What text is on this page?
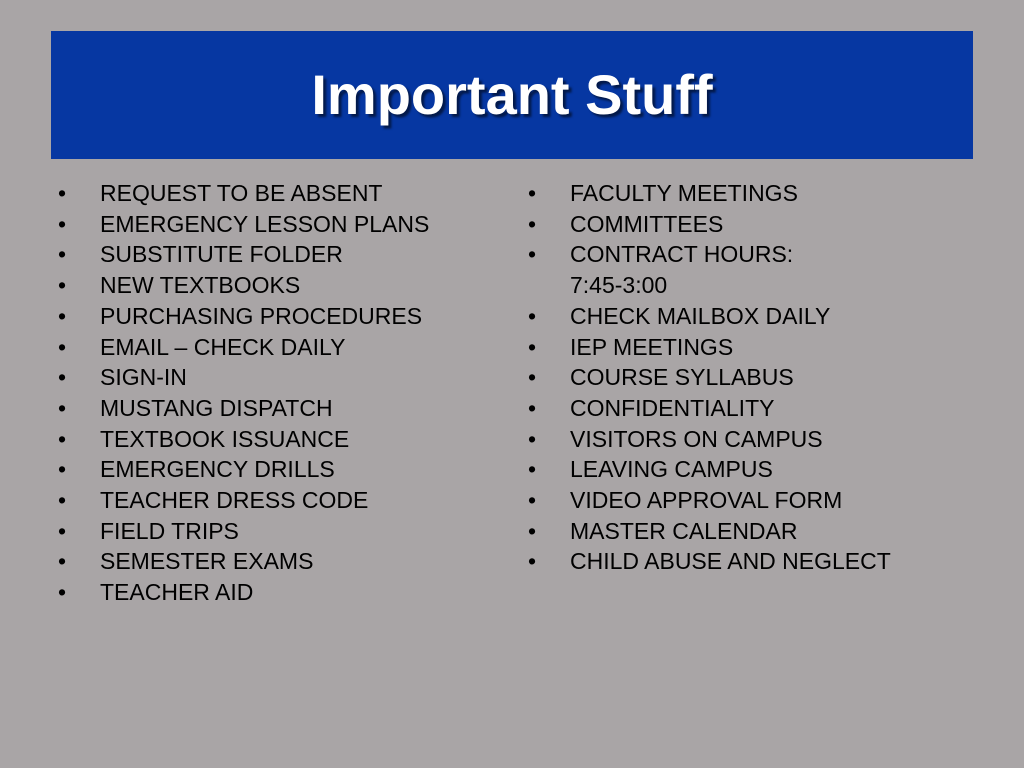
Important Stuff
• REQUEST TO BE ABSENT
• EMERGENCY LESSON PLANS
• SUBSTITUTE FOLDER
• NEW TEXTBOOKS
• PURCHASING PROCEDURES
• EMAIL – CHECK DAILY
• SIGN-IN
• MUSTANG DISPATCH
• TEXTBOOK ISSUANCE
• EMERGENCY DRILLS
• TEACHER DRESS CODE
• FIELD TRIPS
• SEMESTER EXAMS
• TEACHER AID
• FACULTY MEETINGS
• COMMITTEES
• CONTRACT HOURS:
7:45-3:00
• CHECK MAILBOX DAILY
• IEP MEETINGS
• COURSE SYLLABUS
• CONFIDENTIALITY
• VISITORS ON CAMPUS
• LEAVING CAMPUS
• VIDEO APPROVAL FORM
• MASTER CALENDAR
• CHILD ABUSE AND NEGLECT
